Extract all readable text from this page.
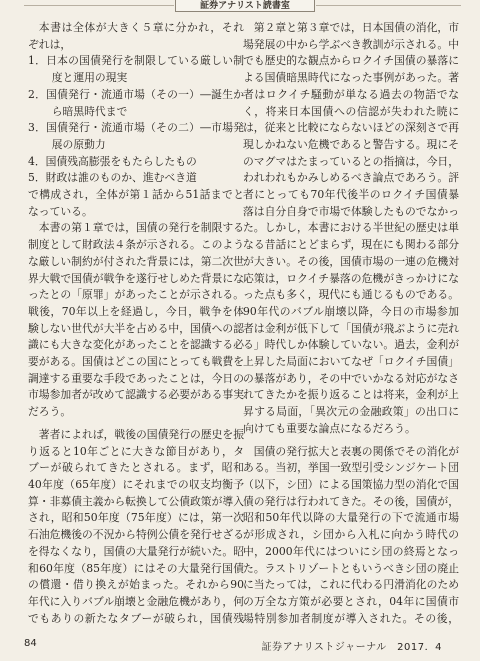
証券アナリスト読書室

本書は全体が大きく５章に分かれ，それぞれは，

1．日本の国債発行を制限している厳しい制度と運用の現実
2．国債発行・流通市場（その一）―誕生から暗黒時代まで
3．国債発行・流通市場（その二）―市場発展の原動力
4．国債残高膨張をもたらしたもの
5．財政は誰のものか、進むべき道

で構成され，全体が第１話から51話までとなっている。

本書の第１章では，国債の発行を制限する制度として財政法４条が示される。このような厳しい制約が付された背景には，第二次世界大戦で国債が戦争を遂行せしめた背景になったとの「原罪」があったことが示される。戦後，70年以上を経過し，今日，戦争を体験しない世代が大半を占める中，国債への認識にも大きな変化があったことを認識する必要がある。国債はどこの国にとっても戦費を調達する重要な手段であったことは，今日の市場参加者が改めて認識する必要がある事実だろう。

著者によれば，戦後の国債発行の歴史を振り返ると10年ごとに大きな節目があり，タブーが破られてきたとされる。まず，昭和40年度（65年度）にそれまでの収支均衡予算・非募債主義から転換して公債政策が導入され，昭和50年度（75年度）には，第一次石油危機後の不況から特例公債を発行せざるを得なくなり，国債の大量発行が続いた。昭和60年度（85年度）にはその大量発行国債の償還・借り換えが始まった。それから90年代に入りバブル崩壊と金融危機があり，何でもありの新たなタブーが破られ，国債残

第２章と第３章では，日本国債の消化，市場発展の中から学ぶべき教訓が示される。中でも歴史的な観点からロクイチ国債の暴落による国債暗黒時代になった事例があった。著者はロクイチ騒動が単なる過去の物語でなく，将来日本国債への信認が失われた暁には，従来と比較にならないほどの深刻さで再現しかねない危機であると警告する。現にそのマグマはたまっているとの指摘は，今日，われわれもかみしめるべき論点であろう。評者にとっても70年代後半のロクイチ国債暴落は自分自身で市場で体験したものでなかった。しかし，本書における半世紀の歴史は単なる昔話にとどまらず，現在にも関わる部分が大きい。その後，国債市場の一連の危機対応策は，ロクイチ暴落の危機がきっかけになった点も多く，現代にも通じるものである。90年代のバブル崩壊以降，今日の市場参加者は金利が低下して「国債が飛ぶように売れる」時代しか体験していない。過去，金利が上昇した局面においてなぜ「ロクイチ国債」の暴落があり，その中でいかなる対応がなされてきたかを振り返ることは将来，金利が上昇する局面，「異次元の金融政策」の出口に向けても重要な論点になるだろう。

国債の発行拡大と表裏の関係でその消化がある。当初，挙国一致型引受シンジケート団（以下，シ団）による国策協力型の消化で国債の発行は行われてきた。その後，国債が，昭和50年代以降の大量発行の下で流通市場が形成され，シ団から入札に向かう時代の中，2000年代にはついにシ団の終焉となった。ラストリゾートともいうべきシ団の廃止に当たっては，これに代わる円滑消化のための万全な方策が必要とされ，04年に国債市場特別参加者制度が導入された。その後，

84	証券アナリストジャーナル　2017．4
